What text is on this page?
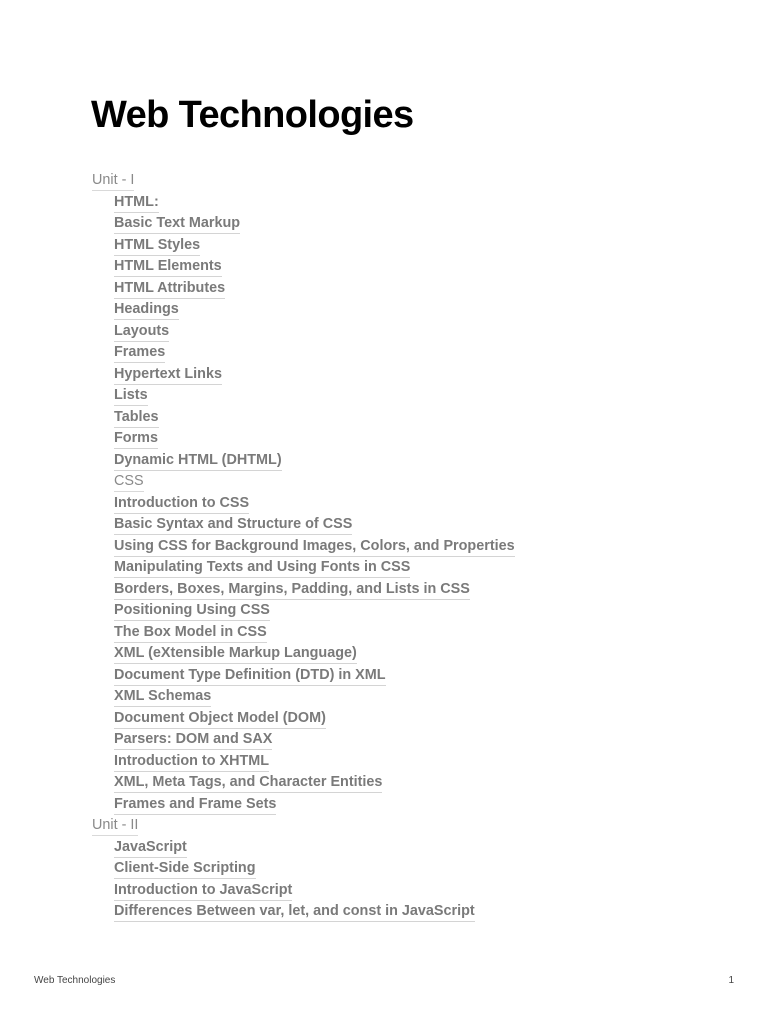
Web Technologies
Unit - I
HTML:
Basic Text Markup
HTML Styles
HTML Elements
HTML Attributes
Headings
Layouts
Frames
Hypertext Links
Lists
Tables
Forms
Dynamic HTML (DHTML)
CSS
Introduction to CSS
Basic Syntax and Structure of CSS
Using CSS for Background Images, Colors, and Properties
Manipulating Texts and Using Fonts in CSS
Borders, Boxes, Margins, Padding, and Lists in CSS
Positioning Using CSS
The Box Model in CSS
XML (eXtensible Markup Language)
Document Type Definition (DTD) in XML
XML Schemas
Document Object Model (DOM)
Parsers: DOM and SAX
Introduction to XHTML
XML, Meta Tags, and Character Entities
Frames and Frame Sets
Unit - II
JavaScript
Client-Side Scripting
Introduction to JavaScript
Differences Between var, let, and const in JavaScript
Web Technologies	1
